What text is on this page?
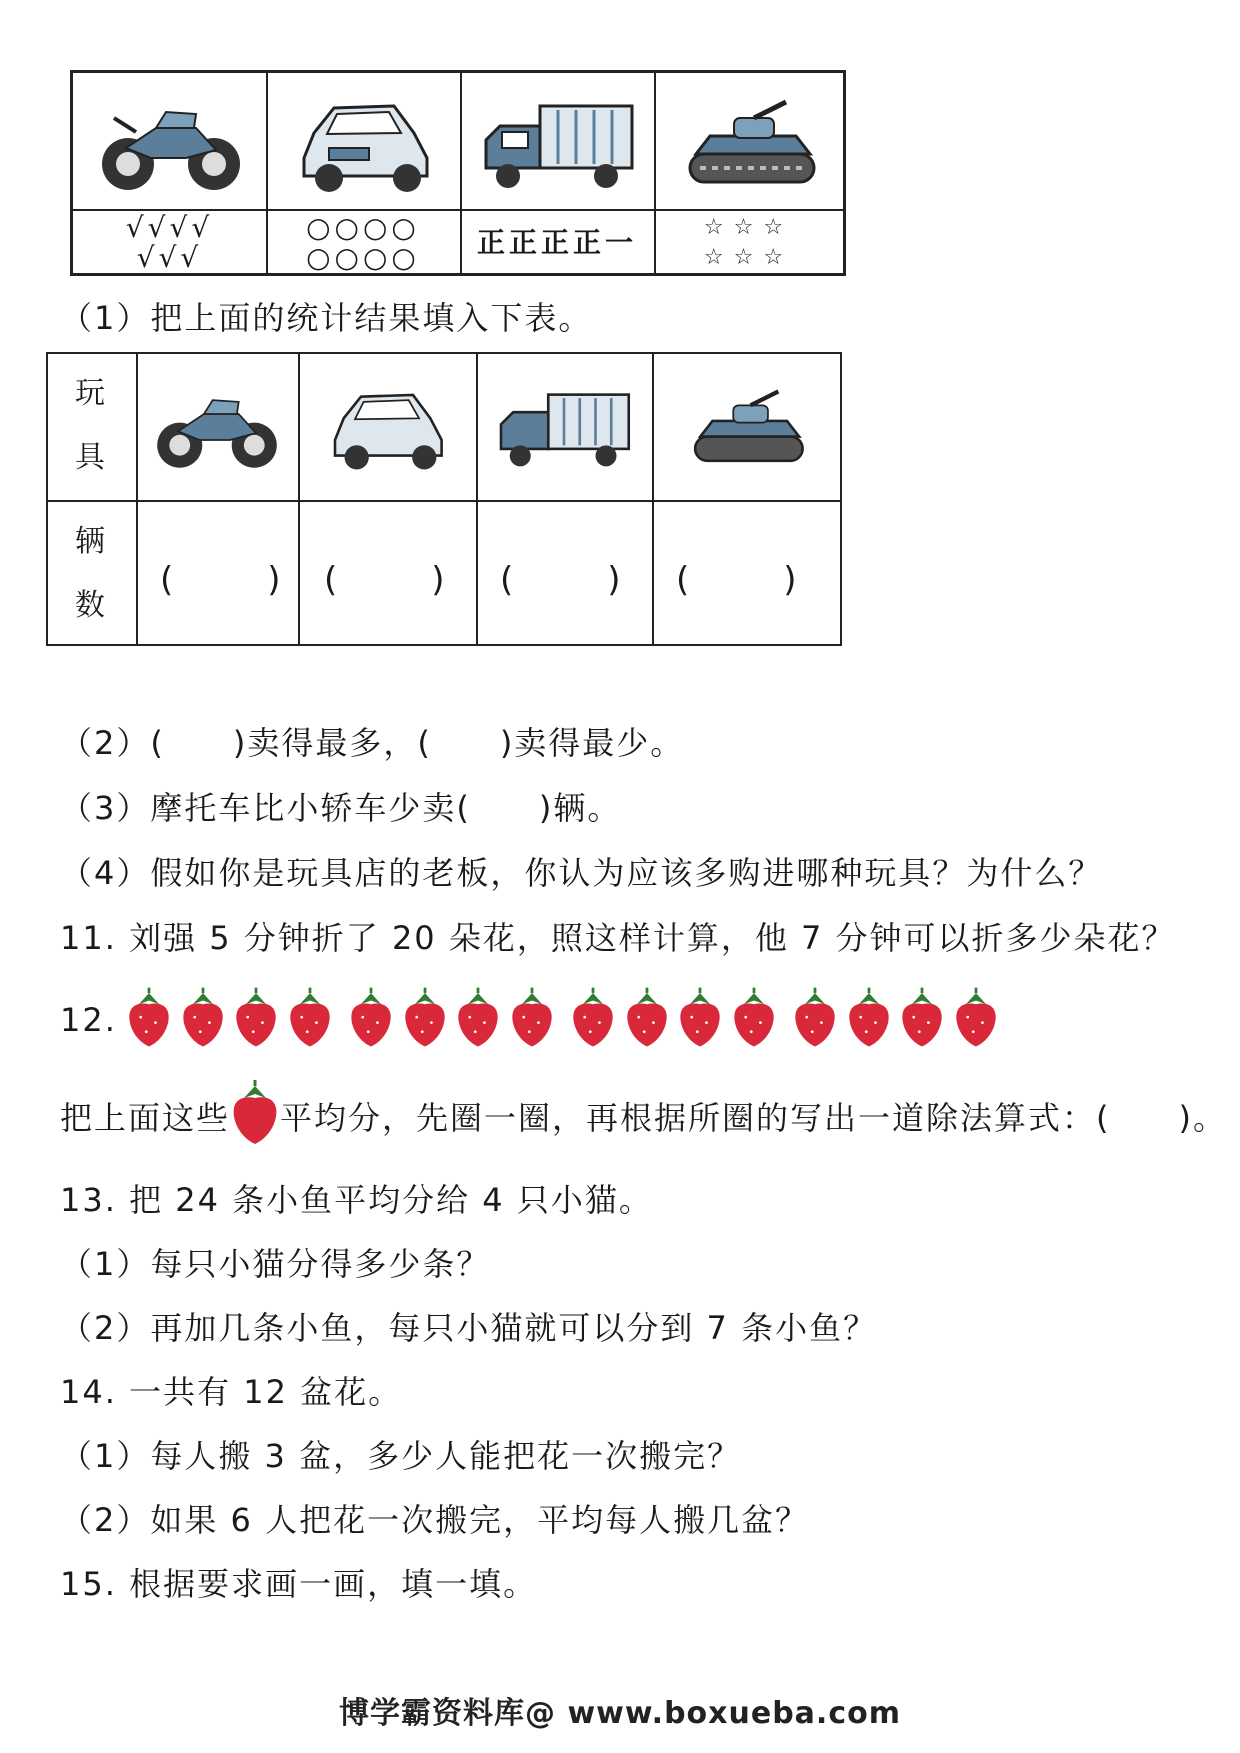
√√√√
√√√
○○○○
○○○○ 正正正正一	☆☆☆
☆☆☆
（1）把上面的统计结果填入下表。
玩
具
辆
数
(　) (　) (　) (　)
（2）(　　)卖得最多，(　　)卖得最少。
（3）摩托车比小轿车少卖(　　)辆。
（4）假如你是玩具店的老板，你认为应该多购进哪种玩具？为什么？
11. 刘强 5 分钟折了 20 朵花，照这样计算，他 7 分钟可以折多少朵花？
12.
把上面这些 平均分，先圈一圈，再根据所圈的写出一道除法算式：(　　)。
13. 把 24 条小鱼平均分给 4 只小猫。
（1）每只小猫分得多少条？
（2）再加几条小鱼，每只小猫就可以分到 7 条小鱼？
14. 一共有 12 盆花。
（1）每人搬 3 盆，多少人能把花一次搬完？
（2）如果 6 人把花一次搬完，平均每人搬几盆？
15. 根据要求画一画，填一填。
博学霸资料库@ www.boxueba.com
